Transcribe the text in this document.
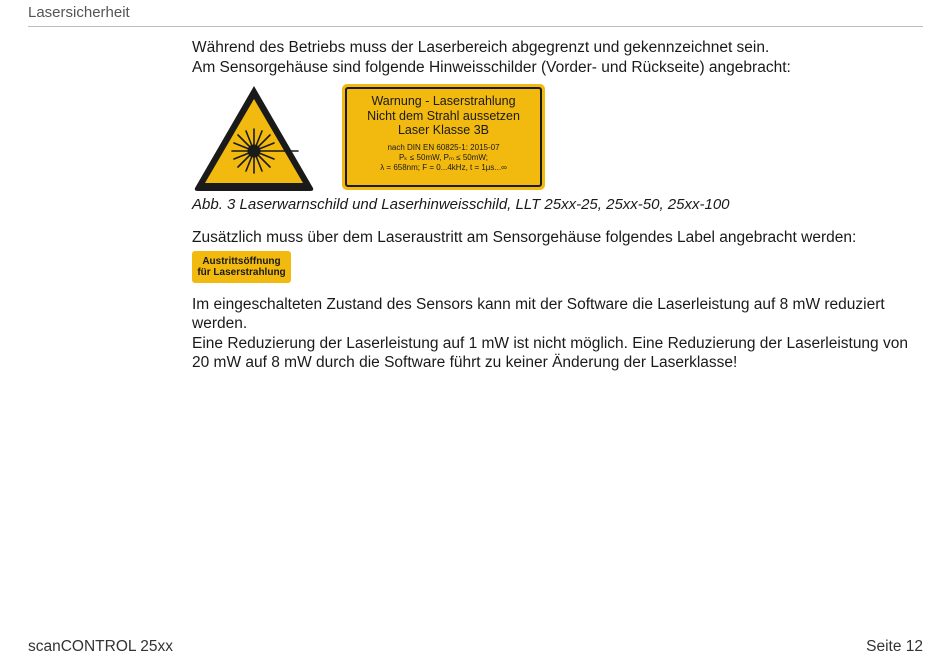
Lasersicherheit

Während des Betriebs muss der Laserbereich abgegrenzt und gekennzeichnet sein.

Am Sensorgehäuse sind folgende Hinweisschilder (Vorder- und Rückseite) angebracht:

Warnung - Laserstrahlung
Nicht dem Strahl aussetzen
Laser Klasse 3B
nach DIN EN 60825-1: 2015-07
Pₖ ≤ 50mW, Pₘ ≤ 50mW;
λ = 658nm; F = 0...4kHz, t = 1µs...∞

Abb. 3 Laserwarnschild und Laserhinweisschild, LLT 25xx-25, 25xx-50, 25xx-100

Zusätzlich muss über dem Laseraustritt am Sensorgehäuse folgendes Label angebracht werden:

Austrittsöffnung
für Laserstrahlung

Im eingeschalteten Zustand des Sensors kann mit der Software die Laserleistung auf 8 mW reduziert werden.

Eine Reduzierung der Laserleistung auf 1 mW ist nicht möglich. Eine Reduzierung der Laserleistung von

20 mW auf 8 mW durch die Software führt zu keiner Änderung der Laserklasse!

scanCONTROL 25xx	Seite 12
